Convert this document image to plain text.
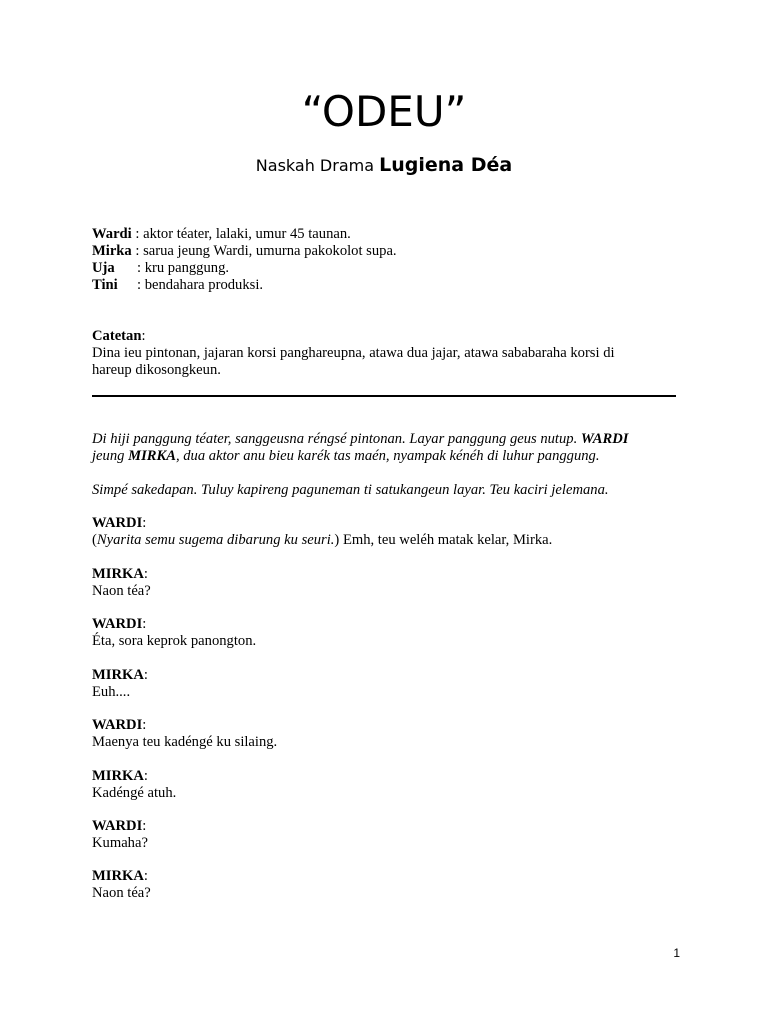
“ODEU”
Naskah Drama Lugiena Déa
Wardi
: aktor téater, lalaki, umur 45 taunan.
Mirka
: sarua jeung Wardi, umurna pakokolot supa.
Uja	: kru panggung.
Tini	: bendahara produksi.
Catetan:
Dina ieu pintonan, jajaran korsi panghareupna, atawa dua jajar, atawa sababaraha korsi di
hareup dikosongkeun.
Di hiji panggung téater, sanggeusna réngsé pintonan. Layar panggung geus nutup. WARDI
jeung MIRKA, dua aktor anu bieu karék tas maén, nyampak kénéh di luhur panggung.
Simpé sakedapan. Tuluy kapireng paguneman ti satukangeun layar. Teu kaciri jelemana.
WARDI:
(Nyarita semu sugema dibarung ku seuri.) Emh, teu weléh matak kelar, Mirka.
MIRKA:
Naon téa?
WARDI:
Éta, sora keprok panongton.
MIRKA:
Euh....
WARDI:
Maenya teu kadéngé ku silaing.
MIRKA:
Kadéngé atuh.
WARDI:
Kumaha?
MIRKA:
Naon téa?
1
